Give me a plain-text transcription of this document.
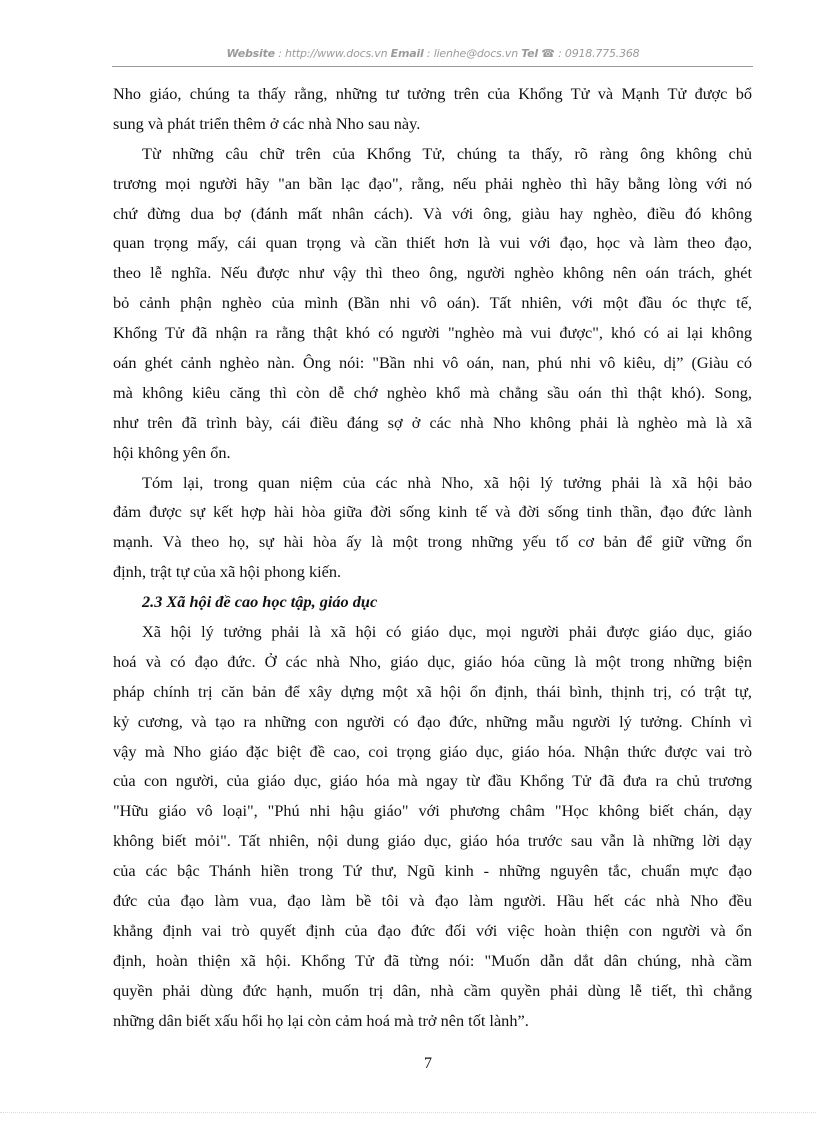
Website : http://www.docs.vn Email : lienhe@docs.vn Tel ☎ : 0918.775.368
Nho giáo, chúng ta thấy rằng, những tư tưởng trên của Khổng Tử và Mạnh Tử được bổ
sung và phát triển thêm ở các nhà Nho sau này.
Từ những câu chữ trên của Khổng Tử, chúng ta thấy, rõ ràng ông không chủ
trương mọi người hãy "an bần lạc đạo", rằng, nếu phải nghèo thì hãy bằng lòng với nó
chứ đừng dua bợ (đánh mất nhân cách). Và với ông, giàu hay nghèo, điều đó không
quan trọng mấy, cái quan trọng và cần thiết hơn là vui với đạo, học và làm theo đạo,
theo lễ nghĩa. Nếu được như vậy thì theo ông, người nghèo không nên oán trách, ghét
bỏ cảnh phận nghèo của mình (Bần nhi vô oán). Tất nhiên, với một đầu óc thực tế,
Khổng Tử đã nhận ra rằng thật khó có người "nghèo mà vui được", khó có ai lại không
oán ghét cảnh nghèo nàn. Ông nói: "Bần nhi vô oán, nan, phú nhi vô kiêu, dị” (Giàu có
mà không kiêu căng thì còn dễ chớ nghèo khổ mà chẳng sầu oán thì thật khó). Song,
như trên đã trình bày, cái điều đáng sợ ở các nhà Nho không phải là nghèo mà là xã
hội không yên ổn.
Tóm lại, trong quan niệm của các nhà Nho, xã hội lý tưởng phải là xã hội bảo
đảm được sự kết hợp hài hòa giữa đời sống kinh tế và đời sống tinh thần, đạo đức lành
mạnh. Và theo họ, sự hài hòa ấy là một trong những yếu tố cơ bản để giữ vững ổn
định, trật tự của xã hội phong kiến.
2.3 Xã hội đề cao học tập, giáo dục
Xã hội lý tưởng phải là xã hội có giáo dục, mọi người phải được giáo dục, giáo
hoá và có đạo đức. Ở các nhà Nho, giáo dục, giáo hóa cũng là một trong những biện
pháp chính trị căn bản để xây dựng một xã hội ổn định, thái bình, thịnh trị, có trật tự,
kỷ cương, và tạo ra những con người có đạo đức, những mẫu người lý tưởng. Chính vì
vậy mà Nho giáo đặc biệt đề cao, coi trọng giáo dục, giáo hóa. Nhận thức được vai trò
của con người, của giáo dục, giáo hóa mà ngay từ đầu Khổng Tử đã đưa ra chủ trương
"Hữu giáo vô loại", "Phú nhi hậu giáo" với phương châm "Học không biết chán, dạy
không biết mỏi". Tất nhiên, nội dung giáo dục, giáo hóa trước sau vẫn là những lời dạy
của các bậc Thánh hiền trong Tứ thư, Ngũ kinh - những nguyên tắc, chuẩn mực đạo
đức của đạo làm vua, đạo làm bề tôi và đạo làm người. Hầu hết các nhà Nho đều
khẳng định vai trò quyết định của đạo đức đối với việc hoàn thiện con người và ổn
định, hoàn thiện xã hội. Khổng Tử đã từng nói: "Muốn dẫn dắt dân chúng, nhà cầm
quyền phải dùng đức hạnh, muốn trị dân, nhà cầm quyền phải dùng lễ tiết, thì chẳng
những dân biết xấu hổi họ lại còn cảm hoá mà trở nên tốt lành”.
7
